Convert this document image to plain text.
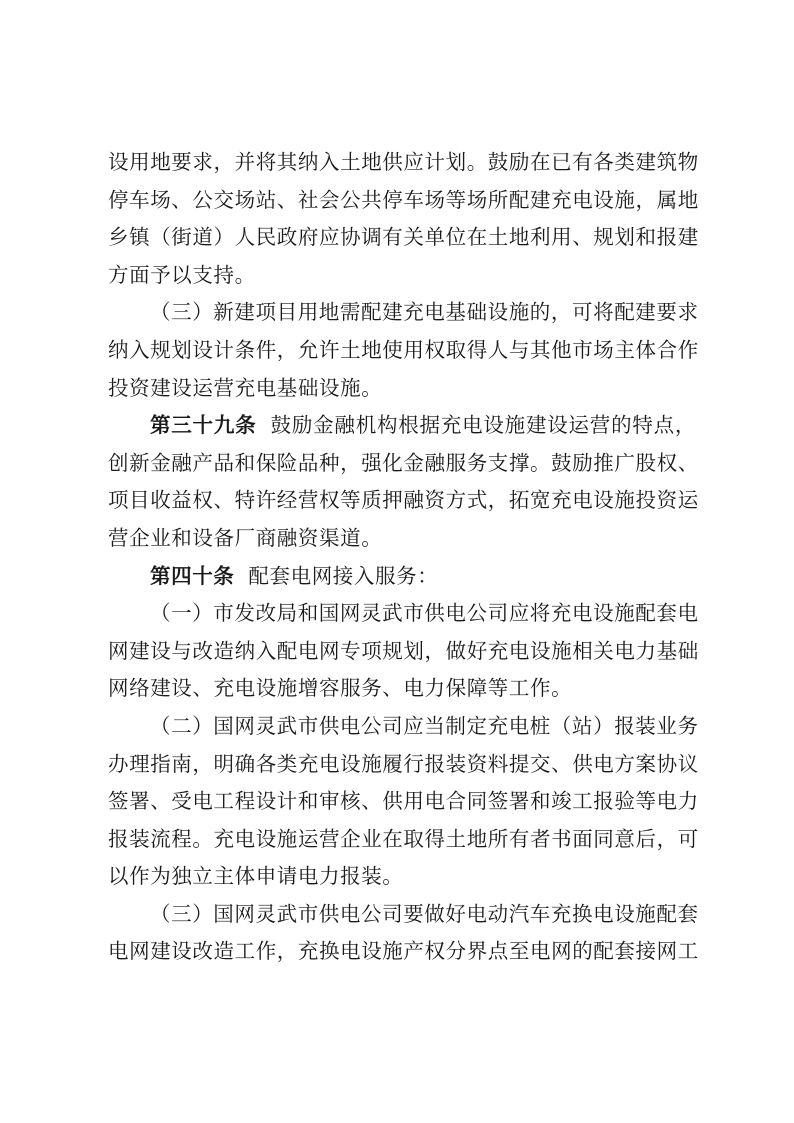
设用地要求，并将其纳入土地供应计划。鼓励在已有各类建筑物
停车场、公交场站、社会公共停车场等场所配建充电设施，属地
乡镇（街道）人民政府应协调有关单位在土地利用、规划和报建
方面予以支持。
（三）新建项目用地需配建充电基础设施的，可将配建要求
纳入规划设计条件，允许土地使用权取得人与其他市场主体合作
投资建设运营充电基础设施。
第三十九条 鼓励金融机构根据充电设施建设运营的特点，
创新金融产品和保险品种，强化金融服务支撑。鼓励推广股权、
项目收益权、特许经营权等质押融资方式，拓宽充电设施投资运
营企业和设备厂商融资渠道。
第四十条 配套电网接入服务：
（一）市发改局和国网灵武市供电公司应将充电设施配套电
网建设与改造纳入配电网专项规划，做好充电设施相关电力基础
网络建设、充电设施增容服务、电力保障等工作。
（二）国网灵武市供电公司应当制定充电桩（站）报装业务
办理指南，明确各类充电设施履行报装资料提交、供电方案协议
签署、受电工程设计和审核、供用电合同签署和竣工报验等电力
报装流程。充电设施运营企业在取得土地所有者书面同意后，可
以作为独立主体申请电力报装。
（三）国网灵武市供电公司要做好电动汽车充换电设施配套
电网建设改造工作，充换电设施产权分界点至电网的配套接网工
